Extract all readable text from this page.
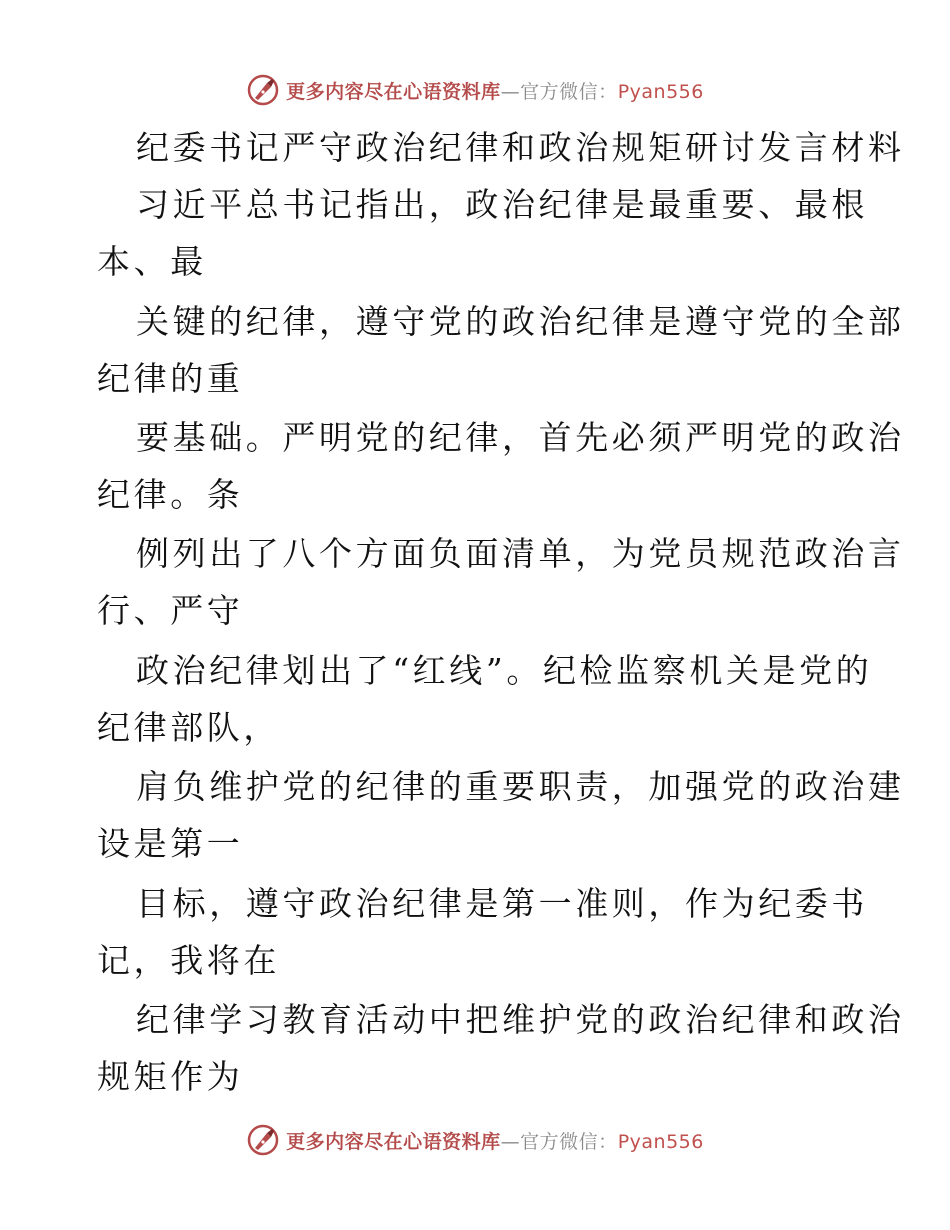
更多内容尽在心语资料库—官方微信：Pyan556
纪委书记严守政治纪律和政治规矩研讨发言材料
习近平总书记指出，政治纪律是最重要、最根
本、最
关键的纪律，遵守党的政治纪律是遵守党的全部
纪律的重
要基础。严明党的纪律，首先必须严明党的政治
纪律。条
例列出了八个方面负面清单，为党员规范政治言
行、严守
政治纪律划出了“红线”。纪检监察机关是党的
纪律部队，
肩负维护党的纪律的重要职责，加强党的政治建
设是第一
目标，遵守政治纪律是第一准则，作为纪委书
记，我将在
纪律学习教育活动中把维护党的政治纪律和政治
规矩作为
更多内容尽在心语资料库—官方微信：Pyan556
